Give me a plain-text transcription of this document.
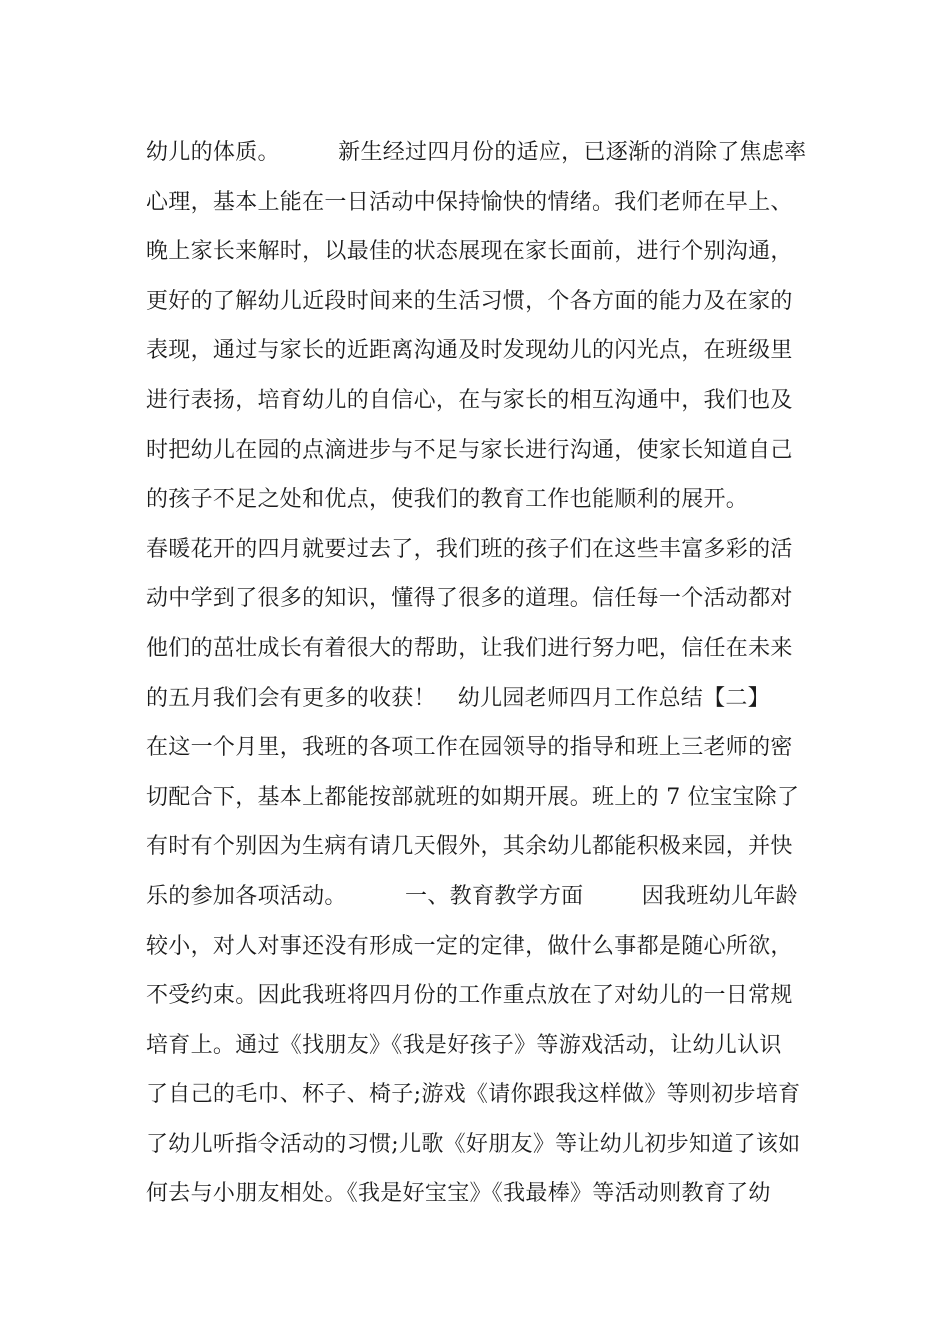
幼儿的体质。        新生经过四月份的适应，已逐渐的消除了焦虑率
心理，基本上能在一日活动中保持愉快的情绪。我们老师在早上、
晚上家长来解时，以最佳的状态展现在家长面前，进行个别沟通，
更好的了解幼儿近段时间来的生活习惯，个各方面的能力及在家的
表现，通过与家长的近距离沟通及时发现幼儿的闪光点，在班级里
进行表扬，培育幼儿的自信心，在与家长的相互沟通中，我们也及
时把幼儿在园的点滴进步与不足与家长进行沟通，使家长知道自己
的孩子不足之处和优点，使我们的教育工作也能顺利的展开。
春暖花开的四月就要过去了，我们班的孩子们在这些丰富多彩的活
动中学到了很多的知识，懂得了很多的道理。信任每一个活动都对
他们的茁壮成长有着很大的帮助，让我们进行努力吧，信任在未来
的五月我们会有更多的收获！   幼儿园老师四月工作总结【二】
在这一个月里，我班的各项工作在园领导的指导和班上三老师的密
切配合下，基本上都能按部就班的如期开展。班上的 7 位宝宝除了
有时有个别因为生病有请几天假外，其余幼儿都能积极来园，并快
乐的参加各项活动。        一、教育教学方面        因我班幼儿年龄
较小，对人对事还没有形成一定的定律，做什么事都是随心所欲，
不受约束。因此我班将四月份的工作重点放在了对幼儿的一日常规
培育上。通过《找朋友》《我是好孩子》等游戏活动，让幼儿认识
了自己的毛巾、杯子、椅子;游戏《请你跟我这样做》等则初步培育
了幼儿听指令活动的习惯;儿歌《好朋友》等让幼儿初步知道了该如
何去与小朋友相处。《我是好宝宝》《我最棒》等活动则教育了幼
